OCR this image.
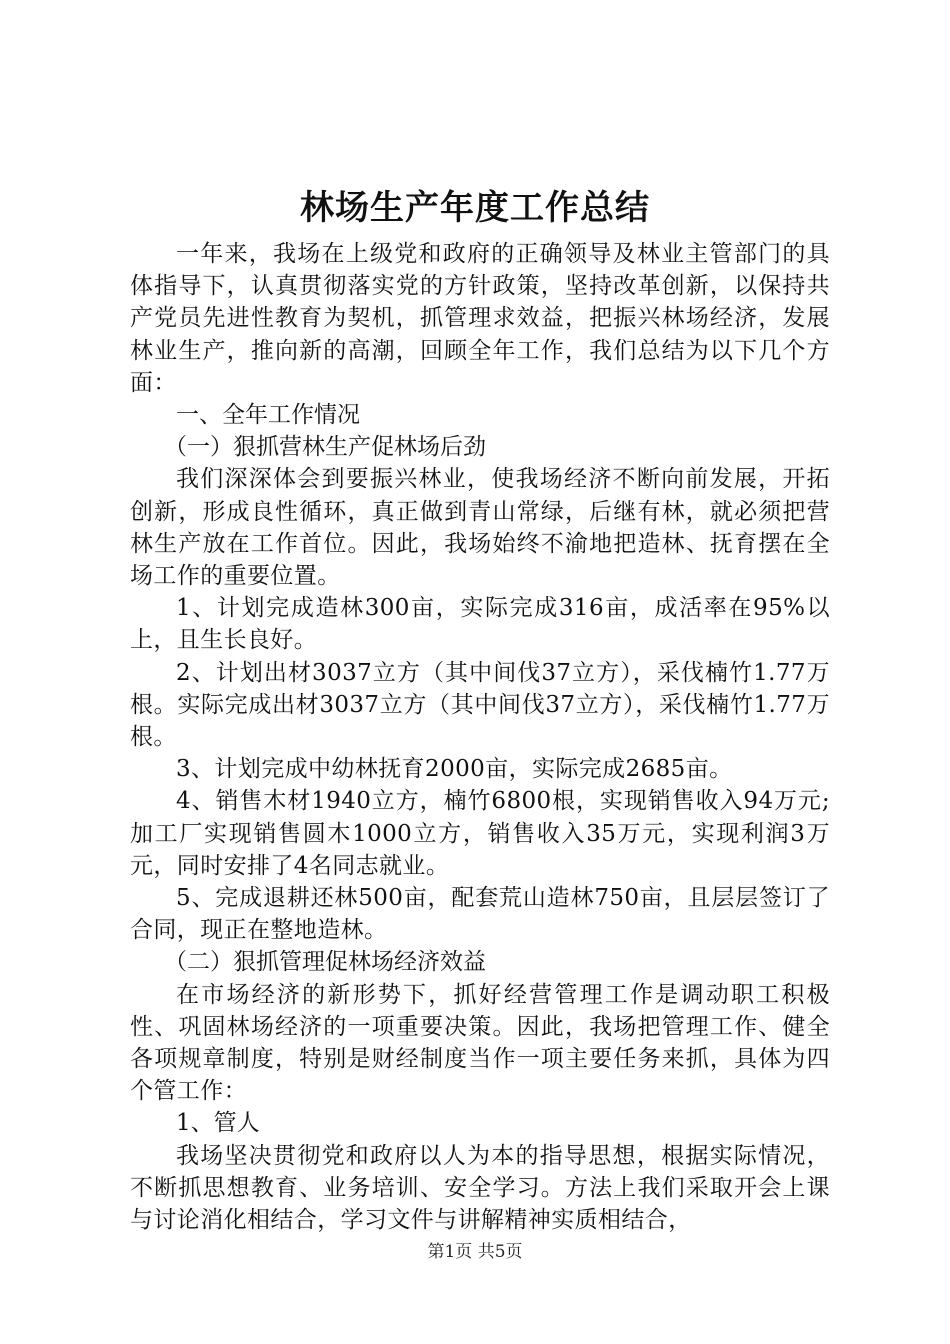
林场生产年度工作总结

一年来，我场在上级党和政府的正确领导及林业主管部门的具体指导下，认真贯彻落实党的方针政策，坚持改革创新，以保持共产党员先进性教育为契机，抓管理求效益，把振兴林场经济，发展林业生产，推向新的高潮，回顾全年工作，我们总结为以下几个方面：

一、全年工作情况

（一）狠抓营林生产促林场后劲

我们深深体会到要振兴林业，使我场经济不断向前发展，开拓创新，形成良性循环，真正做到青山常绿，后继有林，就必须把营林生产放在工作首位。因此，我场始终不渝地把造林、抚育摆在全场工作的重要位置。

1、计划完成造林300亩，实际完成316亩，成活率在95%以上，且生长良好。

2、计划出材3037立方（其中间伐37立方），采伐楠竹1.77万根。实际完成出材3037立方（其中间伐37立方），采伐楠竹1.77万根。

3、计划完成中幼林抚育2000亩，实际完成2685亩。

4、销售木材1940立方，楠竹6800根，实现销售收入94万元;加工厂实现销售圆木1000立方，销售收入35万元，实现利润3万元，同时安排了4名同志就业。

5、完成退耕还林500亩，配套荒山造林750亩，且层层签订了合同，现正在整地造林。

（二）狠抓管理促林场经济效益

在市场经济的新形势下，抓好经营管理工作是调动职工积极性、巩固林场经济的一项重要决策。因此，我场把管理工作、健全各项规章制度，特别是财经制度当作一项主要任务来抓，具体为四个管工作：

1、管人

我场坚决贯彻党和政府以人为本的指导思想，根据实际情况，不断抓思想教育、业务培训、安全学习。方法上我们采取开会上课与讨论消化相结合，学习文件与讲解精神实质相结合，

第1页 共5页
